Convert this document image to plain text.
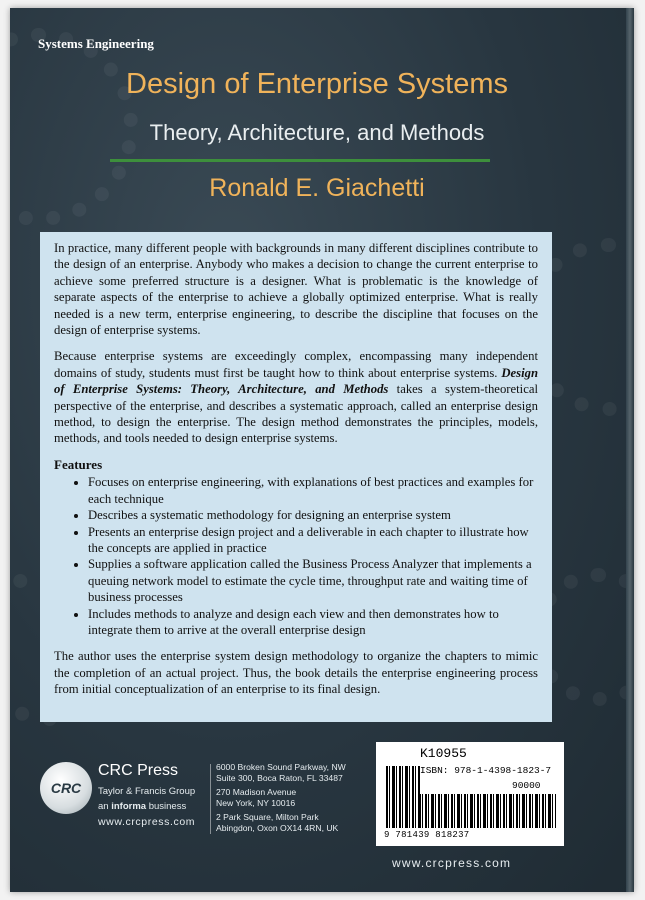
Systems Engineering
Design of Enterprise Systems
Theory, Architecture, and Methods
Ronald E. Giachetti

In practice, many different people with backgrounds in many different disciplines contribute to the design of an enterprise. Anybody who makes a decision to change the current enterprise to achieve some preferred structure is a designer. What is problematic is the knowledge of separate aspects of the enterprise to achieve a globally optimized enterprise. What is really needed is a new term, enterprise engineering, to describe the discipline that focuses on the design of enterprise systems.

Because enterprise systems are exceedingly complex, encompassing many independent domains of study, students must first be taught how to think about enterprise systems. Design of Enterprise Systems: Theory, Architecture, and Methods takes a system-theoretical perspective of the enterprise, and describes a systematic approach, called an enterprise design method, to design the enterprise. The design method demonstrates the principles, models, methods, and tools needed to design enterprise systems.

Features
• Focuses on enterprise engineering, with explanations of best practices and examples for each technique
• Describes a systematic methodology for designing an enterprise system
• Presents an enterprise design project and a deliverable in each chapter to illustrate how the concepts are applied in practice
• Supplies a software application called the Business Process Analyzer that implements a queuing network model to estimate the cycle time, throughput rate and waiting time of business processes
• Includes methods to analyze and design each view and then demonstrates how to integrate them to arrive at the overall enterprise design

The author uses the enterprise system design methodology to organize the chapters to mimic the completion of an actual project. Thus, the book details the enterprise engineering process from initial conceptualization of an enterprise to its final design.

CRC
CRC Press
Taylor & Francis Group
an informa business
www.crcpress.com
6000 Broken Sound Parkway, NW
Suite 300, Boca Raton, FL 33487
270 Madison Avenue
New York, NY 10016
2 Park Square, Milton Park
Abingdon, Oxon OX14 4RN, UK
K10955
ISBN: 978-1-4398-1823-7
90000
9 781439 818237
www.crcpress.com
